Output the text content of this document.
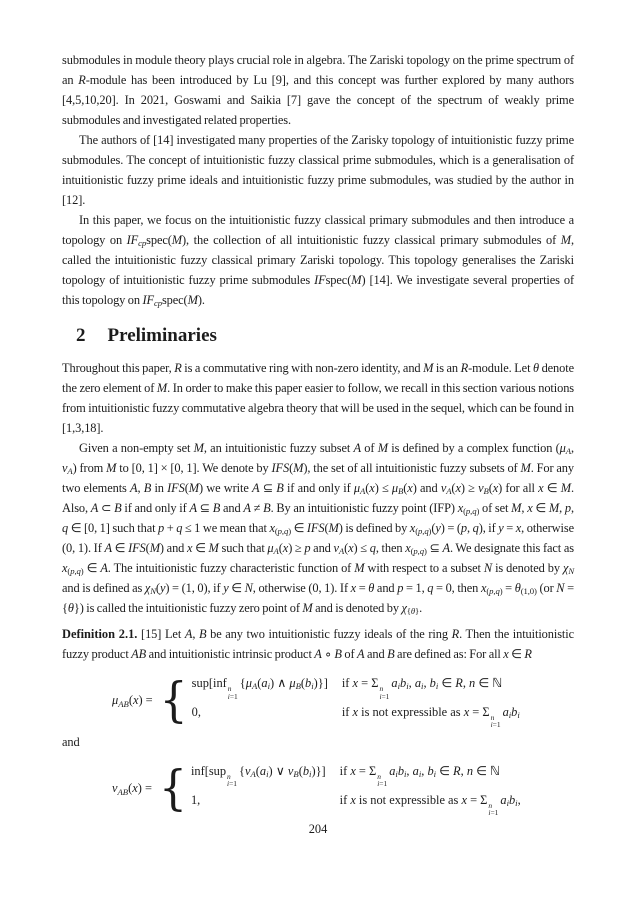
submodules in module theory plays crucial role in algebra. The Zariski topology on the prime spectrum of an R-module has been introduced by Lu [9], and this concept was further explored by many authors [4,5,10,20]. In 2021, Goswami and Saikia [7] gave the concept of the spectrum of weakly prime submodules and investigated related properties.

The authors of [14] investigated many properties of the Zarisky topology of intuitionistic fuzzy prime submodules. The concept of intuitionistic fuzzy classical prime submodules, which is a generalisation of intuitionistic fuzzy prime ideals and intuitionistic fuzzy prime submodules, was studied by the author in [12].

In this paper, we focus on the intuitionistic fuzzy classical primary submodules and then introduce a topology on $IF_{cp}spec(M)$, the collection of all intuitionistic fuzzy classical primary submodules of M, called the intuitionistic fuzzy classical primary Zariski topology. This topology generalises the Zariski topology of intuitionistic fuzzy prime submodules IFspec(M) [14]. We investigate several properties of this topology on $IF_{cp}spec(M)$.

2 Preliminaries

Throughout this paper, R is a commutative ring with non-zero identity, and M is an R-module. Let θ denote the zero element of M. In order to make this paper easier to follow, we recall in this section various notions from intuitionistic fuzzy commutative algebra theory that will be used in the sequel, which can be found in [1,3,18].

Given a non-empty set M, an intuitionistic fuzzy subset A of M is defined by a complex function ($\mu_A$, $\nu_A$) from M to [0, 1] × [0, 1]. We denote by IFS(M), the set of all intuitionistic fuzzy subsets of M. For any two elements A, B in IFS(M) we write A ⊆ B if and only if $\mu_A(x) \le \mu_B(x)$ and $\nu_A(x) \ge \nu_B(x)$ for all x ∈ M. Also, A ⊂ B if and only if A ⊆ B and A ≠ B. By an intuitionistic fuzzy point (IFP) $x_{(p,q)}$ of set M, x ∈ M, p, q ∈ [0, 1] such that p + q ≤ 1 we mean that $x_{(p,q)}$ ∈ IFS(M) is defined by $x_{(p,q)}(y) = (p$, q), if y = x, otherwise (0, 1). If A ∈ IFS(M) and x ∈ M such that $\mu_A(x) \ge p$ and $\nu_A(x) \le q$, then $x_{(p,q)}$ ⊆ A. We designate this fact as $x_{(p,q)}$ ∈ A. The intuitionistic fuzzy characteristic function of M with respect to a subset N is denoted by $\chi_N$ and is defined as $\chi_N(y) = (1$, 0), if y ∈ N, otherwise (0, 1). If x = θ and p = 1, q = 0, then $x_{(p,q)} = \theta_{(1,0)}$ (or N = {θ}) is called the intuitionistic fuzzy zero point of M and is denoted by $\chi_{\{\theta\}}$.

Definition 2.1. [15] Let A, B be any two intuitionistic fuzzy ideals of the ring R. Then the intuitionistic fuzzy product AB and intuitionistic intrinsic product A ∘ B of A and B are defined as: For all x ∈ R

$\mu_{AB}(x)$ = { sup[inf n
i=1
{$\mu_A(a_i)$ ∧ $\mu_B(b_i)$}] if x = Σ n
i=1
$a_ib_i$, $a_i$, $b_i$ ∈ R, n ∈ ℕ
0,	if x is not expressible as x = Σ n
i=1
$a_ib_i$

and

$\nu_{AB}(x)$ = { inf[sup n
i=1
{$\nu_A(a_i)$ ∨ $\nu_B(b_i)$}] if x = Σ n
i=1
$a_ib_i$, $a_i$, $b_i$ ∈ R, n ∈ ℕ
1,	if x is not expressible as x = Σ n
i=1
$a_ib_i$,
204
